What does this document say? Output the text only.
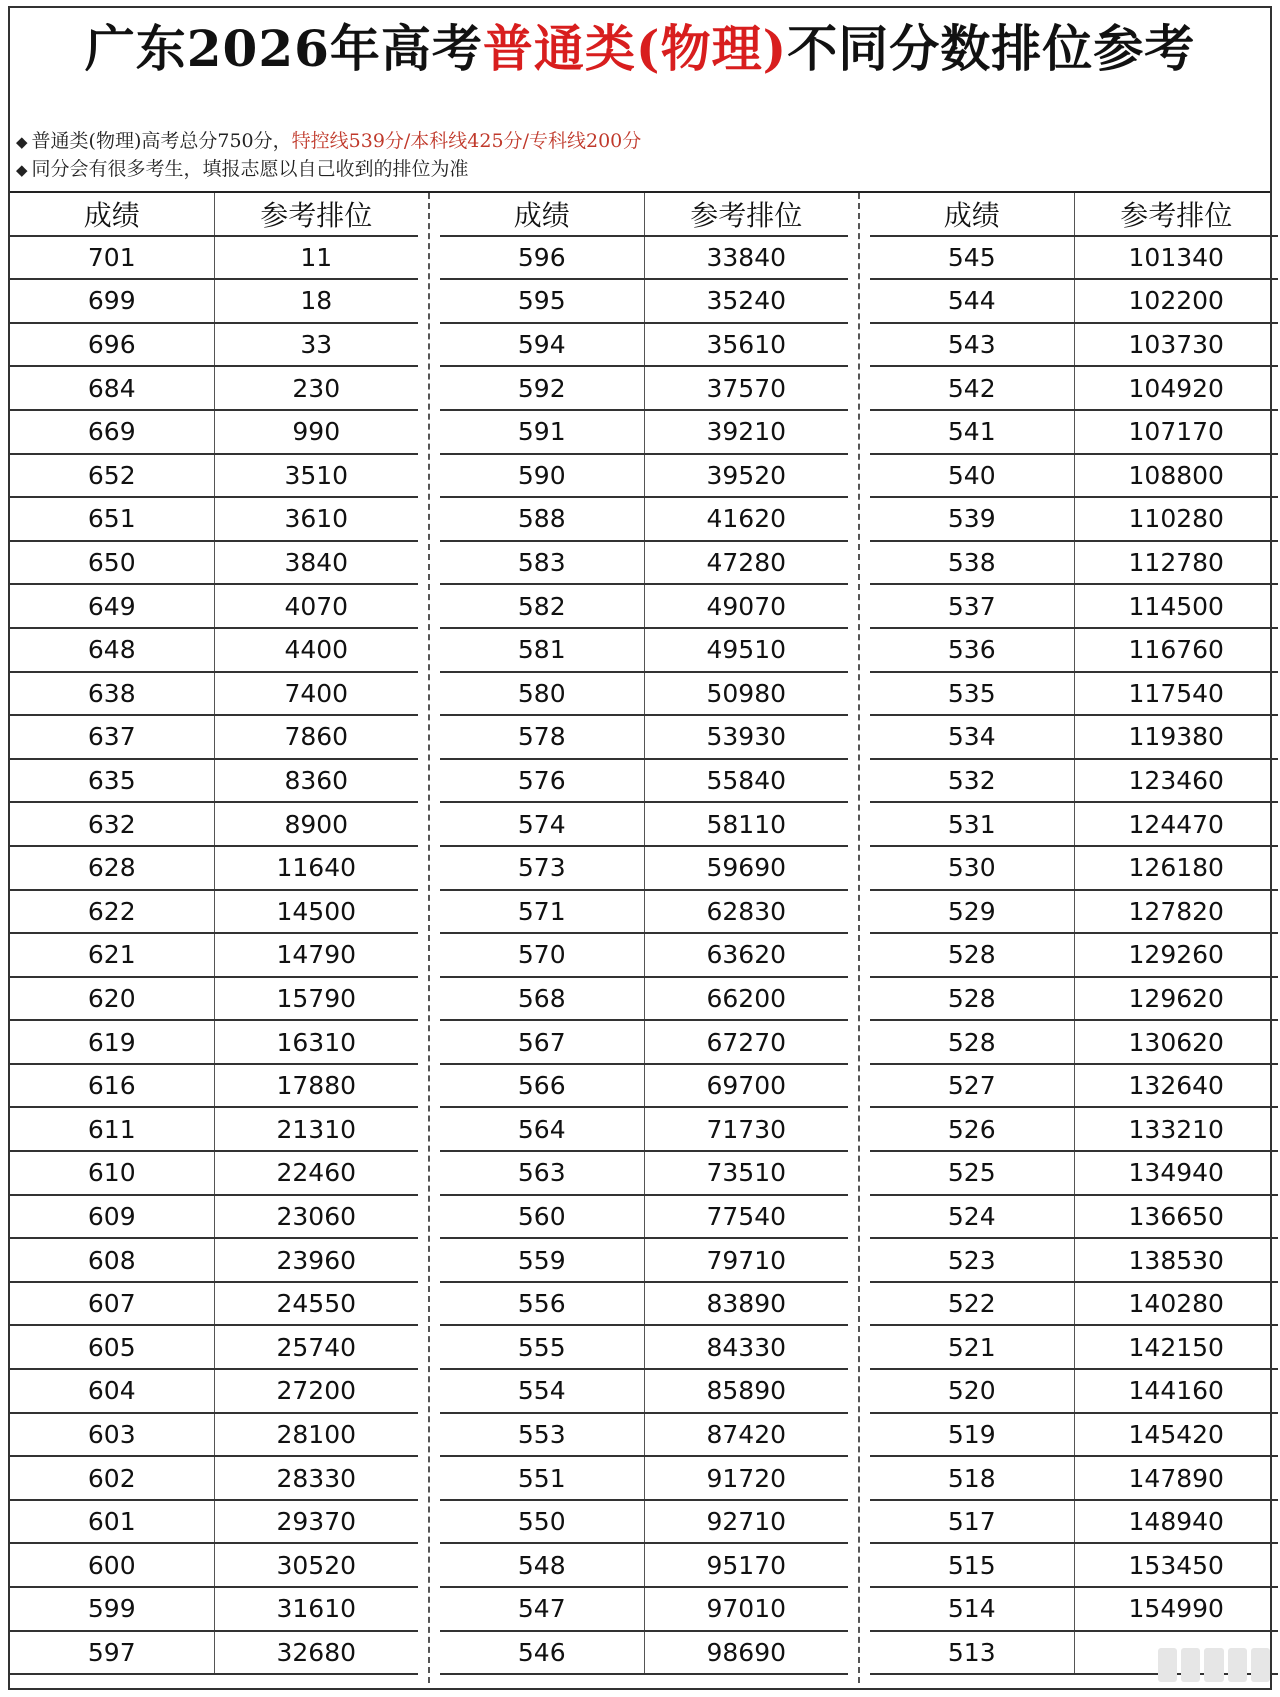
广东2026年高考普通类(物理)不同分数排位参考
◆ 普通类(物理)高考总分750分，特控线539分/本科线425分/专科线200分
◆ 同分会有很多考生，填报志愿以自己收到的排位为准
成绩	参考排位
701	11
699	18
696	33
684	230
669	990
652	3510
651	3610
650	3840
649	4070
648	4400
638	7400
637	7860
635	8360
632	8900
628	11640
622	14500
621	14790
620	15790
619	16310
616	17880
611	21310
610	22460
609	23060
608	23960
607	24550
605	25740
604	27200
603	28100
602	28330
601	29370
600	30520
599	31610
597	32680
成绩	参考排位
596	33840
595	35240
594	35610
592	37570
591	39210
590	39520
588	41620
583	47280
582	49070
581	49510
580	50980
578	53930
576	55840
574	58110
573	59690
571	62830
570	63620
568	66200
567	67270
566	69700
564	71730
563	73510
560	77540
559	79710
556	83890
555	84330
554	85890
553	87420
551	91720
550	92710
548	95170
547	97010
546	98690
成绩	参考排位
545	101340
544	102200
543	103730
542	104920
541	107170
540	108800
539	110280
538	112780
537	114500
536	116760
535	117540
534	119380
532	123460
531	124470
530	126180
529	127820
528	129260
528	129620
528	130620
527	132640
526	133210
525	134940
524	136650
523	138530
522	140280
521	142150
520	144160
519	145420
518	147890
517	148940
515	153450
514	154990
513
